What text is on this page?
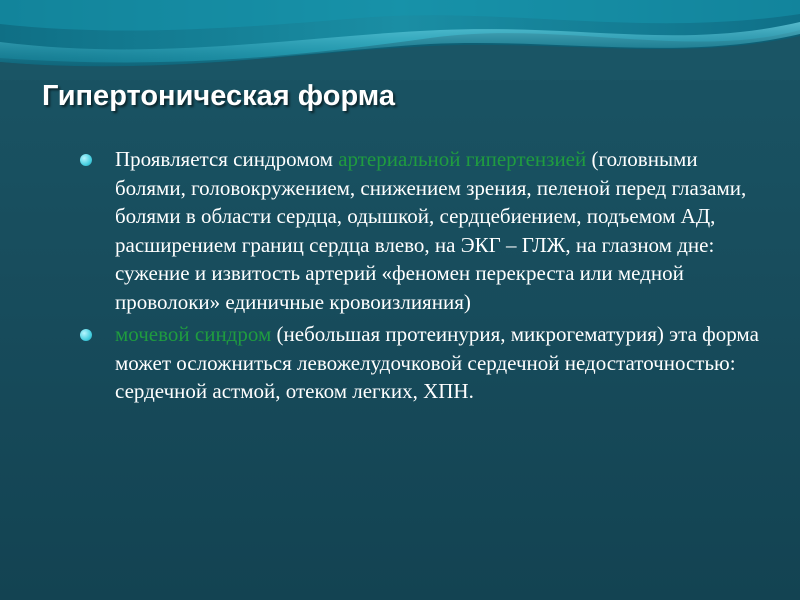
Гипертоническая форма
Проявляется синдромом артериальной гипертензией (головными болями, головокружением, снижением зрения, пеленой перед глазами, болями в области сердца, одышкой, сердцебиением, подъемом АД, расширением границ сердца влево, на ЭКГ – ГЛЖ, на глазном дне: сужение и извитость артерий «феномен перекреста или медной проволоки» единичные кровоизлияния)
мочевой синдром (небольшая протеинурия, микрогематурия) эта форма может осложниться левожелудочковой сердечной недостаточностью: сердечной астмой, отеком легких, ХПН.
